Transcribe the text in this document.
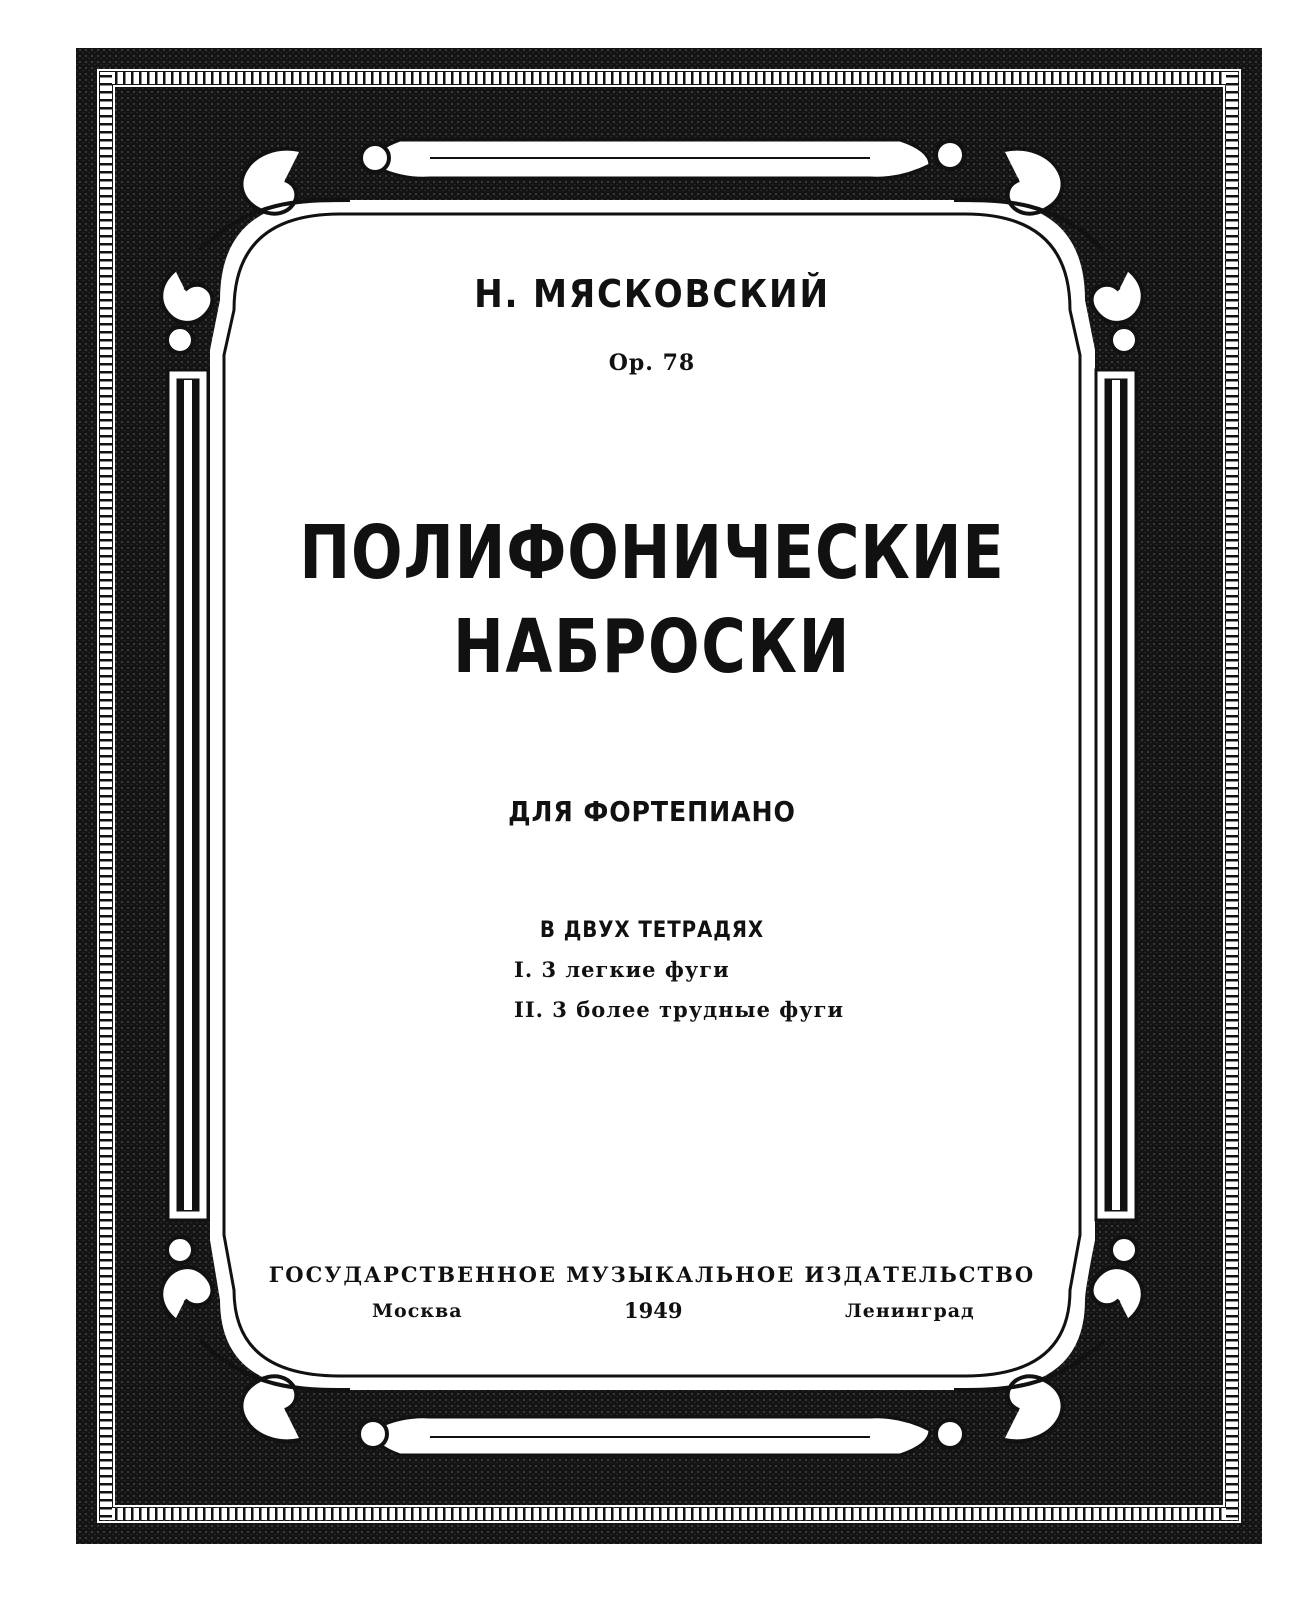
Н. МЯСКОВСКИЙ
Op. 78
ПОЛИФОНИЧЕСКИЕ
НАБРОСКИ
ДЛЯ ФОРТЕПИАНО
В ДВУХ ТЕТРАДЯХ
I. 3 легкие фуги
II. 3 более трудные фуги
ГОСУДАРСТВЕННОЕ МУЗЫКАЛЬНОЕ ИЗДАТЕЛЬСТВО
Москва	1949	Ленинград
